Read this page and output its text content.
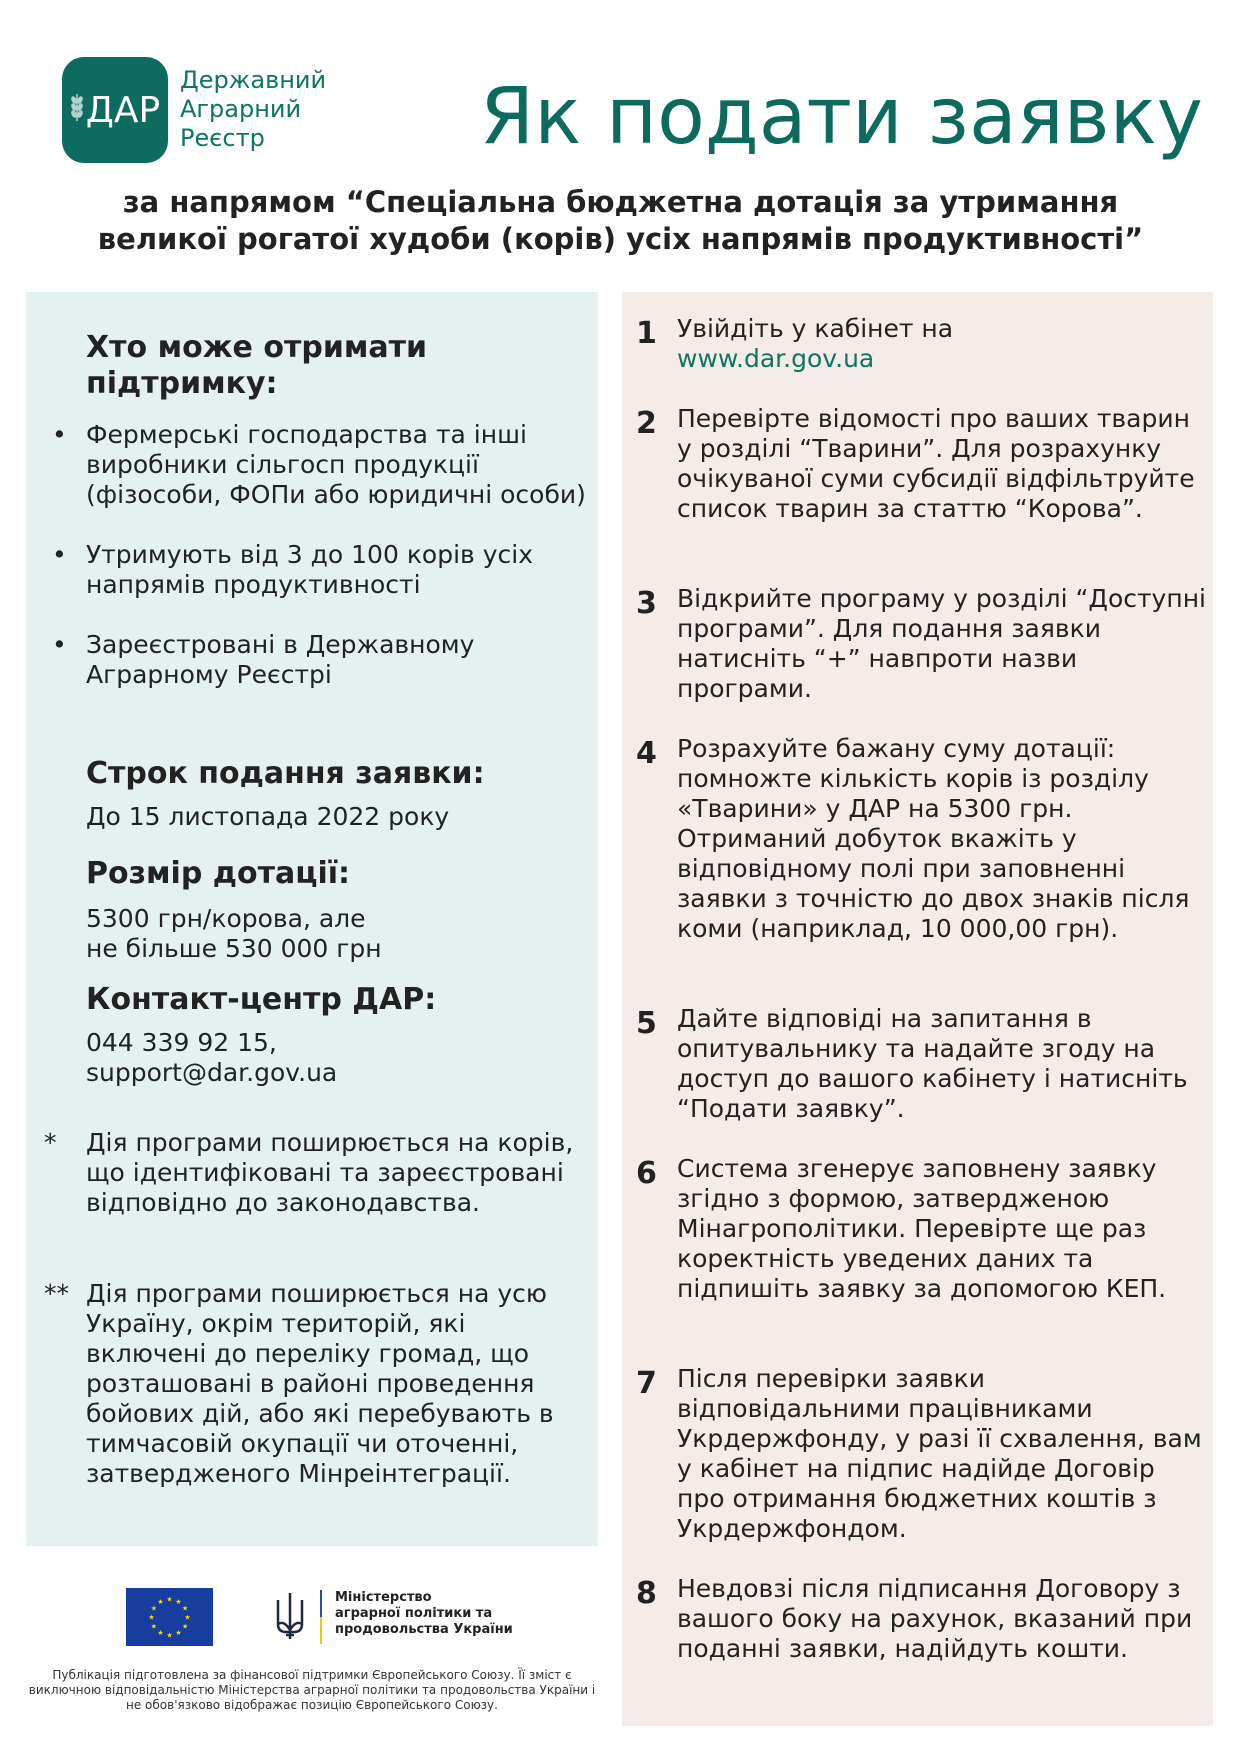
ДАР
Державний
Аграрний
Реєстр	Як подати заявку
за напрямом “Спеціальна бюджетна дотація за утримання
великої рогатої худоби (корів) усіх напрямів продуктивності”
Хто може отримати підтримку:
• Фермерські господарства та інші виробники сільгосп продукції (фізособи, ФОПи або юридичні особи)
• Утримують від 3 до 100 корів усіх напрямів продуктивності
• Зареєстровані в Державному Аграрному Реєстрі
Строк подання заявки:
До 15 листопада 2022 року
Розмір дотації:
5300 грн/корова, але
не більше 530 000 грн
Контакт-центр ДАР:
044 339 92 15,
support@dar.gov.ua
*	Дія програми поширюється на корів, що ідентифіковані та зареєстровані відповідно до законодавства.
** Дія програми поширюється на усю Україну, окрім територій, які включені до переліку громад, що розташовані в районі проведення бойових дій, або які перебувають в тимчасовій окупації чи оточенні, затвердженого Мінреінтеграції.
★
★
★
★
★
★
★
★
★ ★ ★
★
Міністерство
аграрної політики та
продовольства України
Публікація підготовлена за фінансової підтримки Європейського Союзу. Її зміст є виключною відповідальністю Міністерства аграрної політики та продовольства України і не обов'язково відображає позицію Європейського Союзу.
1 Увійдіть у кабінет на
www.dar.gov.ua
2 Перевірте відомості про ваших тварин у розділі “Тварини”. Для розрахунку очікуваної суми субсидії відфільтруйте список тварин за статтю “Корова”.
3 Відкрийте програму у розділі “Доступні програми”. Для подання заявки натисніть “+” навпроти назви програми.
4 Розрахуйте бажану суму дотації: помножте кількість корів із розділу «Тварини» у ДАР на 5300 грн. Отриманий добуток вкажіть у відповідному полі при заповненні заявки з точністю до двох знаків після коми (наприклад, 10 000,00 грн).
5 Дайте відповіді на запитання в опитувальнику та надайте згоду на доступ до вашого кабінету і натисніть “Подати заявку”.
6 Система згенерує заповнену заявку згідно з формою, затвердженою Мінагрополітики. Перевірте ще раз коректність уведених даних та підпишіть заявку за допомогою КЕП.
7 Після перевірки заявки відповідальними працівниками Укрдержфонду, у разі її схвалення, вам у кабінет на підпис надійде Договір про отримання бюджетних коштів з Укрдержфондом.
8 Невдовзі після підписання Договору з вашого боку на рахунок, вказаний при поданні заявки, надійдуть кошти.
